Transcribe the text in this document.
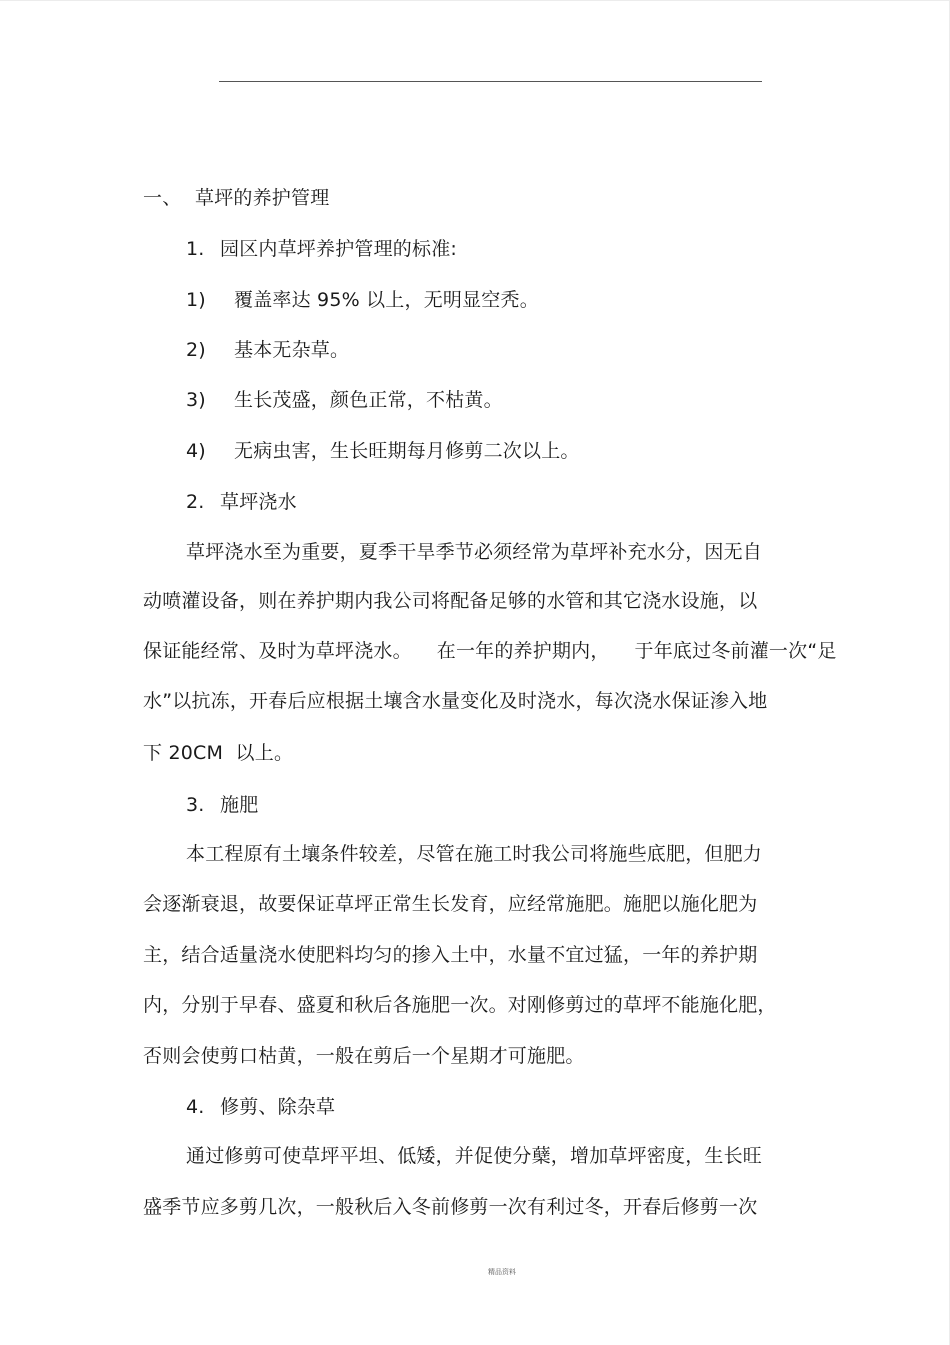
一、 草坪的养护管理
1. 园区内草坪养护管理的标准:
1) 覆盖率达 95% 以上，无明显空秃。
2) 基本无杂草。
3) 生长茂盛，颜色正常，不枯黄。
4) 无病虫害，生长旺期每月修剪二次以上。
2. 草坪浇水
草坪浇水至为重要，夏季干旱季节必须经常为草坪补充水分，因无自
动喷灌设备，则在养护期内我公司将配备足够的水管和其它浇水设施，以
保证能经常、及时为草坪浇水。    在一年的养护期内，    于年底过冬前灌一次“足
水”以抗冻，开春后应根据土壤含水量变化及时浇水，每次浇水保证渗入地
下 20CM  以上。
3. 施肥
本工程原有土壤条件较差，尽管在施工时我公司将施些底肥，但肥力
会逐渐衰退，故要保证草坪正常生长发育，应经常施肥。施肥以施化肥为
主，结合适量浇水使肥料均匀的掺入土中，水量不宜过猛，一年的养护期
内，分别于早春、盛夏和秋后各施肥一次。对刚修剪过的草坪不能施化肥，
否则会使剪口枯黄，一般在剪后一个星期才可施肥。
4. 修剪、除杂草
通过修剪可使草坪平坦、低矮，并促使分蘖，增加草坪密度，生长旺
盛季节应多剪几次，一般秋后入冬前修剪一次有利过冬，开春后修剪一次
精品资料
